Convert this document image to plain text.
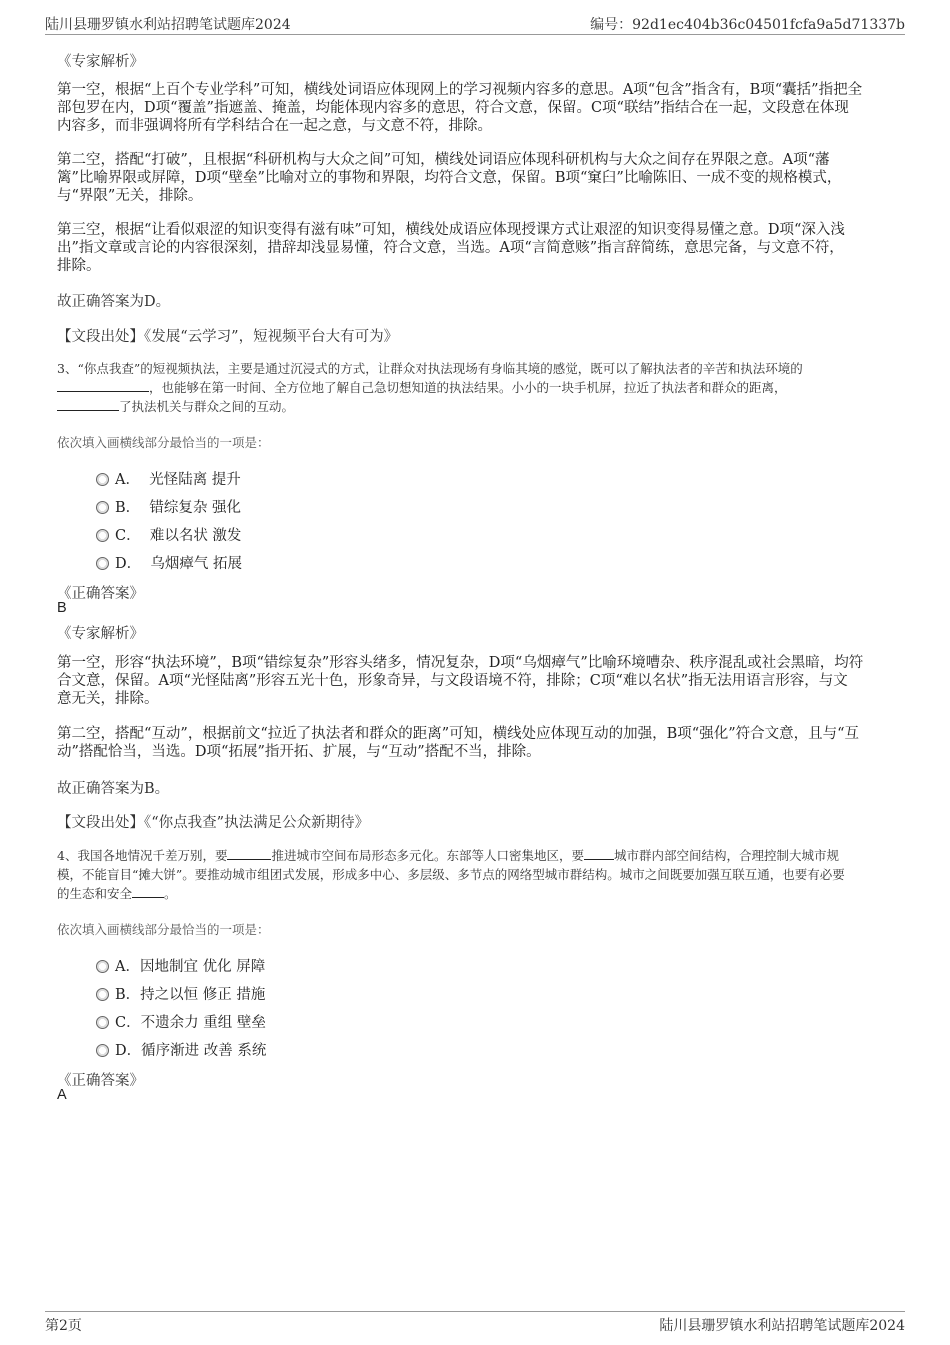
陆川县珊罗镇水利站招聘笔试题库2024	编号：92d1ec404b36c04501fcfa9a5d71337b
《专家解析》
第一空，根据“上百个专业学科”可知，横线处词语应体现网上的学习视频内容多的意思。A项“包含”指含有，B项“囊括”指把全
部包罗在内，D项“覆盖”指遮盖、掩盖，均能体现内容多的意思，符合文意，保留。C项“联结”指结合在一起，文段意在体现
内容多，而非强调将所有学科结合在一起之意，与文意不符，排除。
第二空，搭配“打破”，且根据“科研机构与大众之间”可知，横线处词语应体现科研机构与大众之间存在界限之意。A项“藩
篱”比喻界限或屏障，D项“壁垒”比喻对立的事物和界限，均符合文意，保留。B项“窠臼”比喻陈旧、一成不变的规格模式，
与“界限”无关，排除。
第三空，根据“让看似艰涩的知识变得有滋有味”可知，横线处成语应体现授课方式让艰涩的知识变得易懂之意。D项“深入浅
出”指文章或言论的内容很深刻，措辞却浅显易懂，符合文意，当选。A项“言简意赅”指言辞简练，意思完备，与文意不符，
排除。
故正确答案为D。
【文段出处】《发展“云学习”，短视频平台大有可为》
3、“你点我查”的短视频执法，主要是通过沉浸式的方式，让群众对执法现场有身临其境的感觉，既可以了解执法者的辛苦和执法环境的
，也能够在第一时间、全方位地了解自己急切想知道的执法结果。小小的一块手机屏，拉近了执法者和群众的距离，
了执法机关与群众之间的互动。
依次填入画横线部分最恰当的一项是：
A． 光怪陆离 提升
B． 错综复杂 强化
C． 难以名状 激发
D． 乌烟瘴气 拓展
《正确答案》
B
《专家解析》
第一空，形容“执法环境”，B项“错综复杂”形容头绪多，情况复杂，D项“乌烟瘴气”比喻环境嘈杂、秩序混乱或社会黑暗，均符
合文意，保留。A项“光怪陆离”形容五光十色，形象奇异，与文段语境不符，排除；C项“难以名状”指无法用语言形容，与文
意无关，排除。
第二空，搭配“互动”，根据前文“拉近了执法者和群众的距离”可知，横线处应体现互动的加强，B项“强化”符合文意，且与“互
动”搭配恰当，当选。D项“拓展”指开拓、扩展，与“互动”搭配不当，排除。
故正确答案为B。
【文段出处】《“你点我查”执法满足公众新期待》
4、我国各地情况千差万别，要	推进城市空间布局形态多元化。东部等人口密集地区，要 城市群内部空间结构，合理控制大城市规
模，不能盲目“摊大饼”。要推动城市组团式发展，形成多中心、多层级、多节点的网络型城市群结构。城市之间既要加强互联互通，也要有必要
的生态和安全	。
依次填入画横线部分最恰当的一项是：
A．因地制宜 优化 屏障
B．持之以恒 修正 措施
C．不遗余力 重组 壁垒
D．循序渐进 改善 系统
《正确答案》
A
第2页	陆川县珊罗镇水利站招聘笔试题库2024
